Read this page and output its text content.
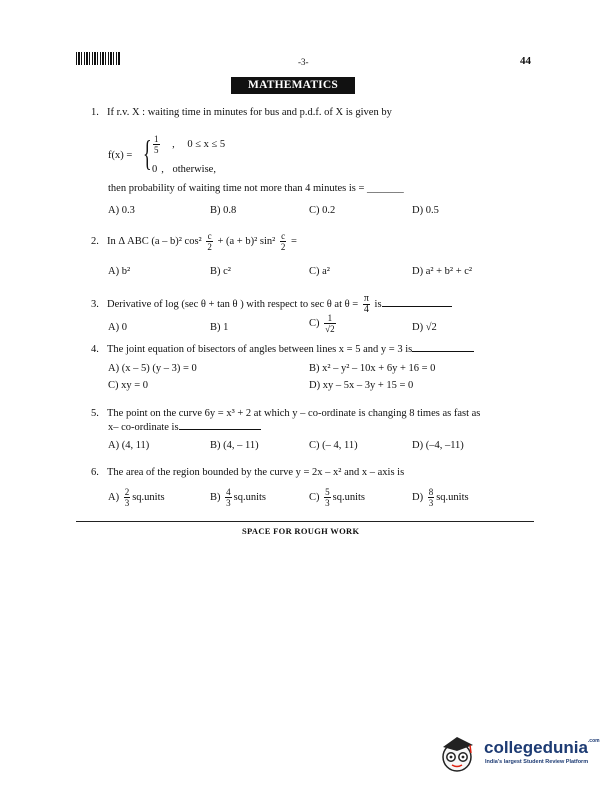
-3-	44
MATHEMATICS
1. If r.v. X : waiting time in minutes for bus and p.d.f. of X is given by
f(x) = { $\frac{1}{5}$ , 0 ≤ x ≤ 5
0 , otherwise,
then probability of waiting time not more than 4 minutes is = _______
A) 0.3	B) 0.8	C) 0.2	D) 0.5
2. In Δ ABC (a – b)² $\cos^2 \frac{c}{2} + (a + b)^2$ $\sin^2 \frac{c}{2}$ =
A) b²	B) c²	C) a²	D) a² + b² + c²
3. Derivative of log (sec θ + tan θ ) with respect to sec θ at $\theta = \frac{\pi}{4}$ is
A) 0	B) 1	$C) \frac{1}{√2}$	D) √2
4. The joint equation of bisectors of angles between lines x = 5 and y = 3 is
A) (x – 5) (y – 3) = 0	B) x² – y² – 10x + 6y + 16 = 0
C) xy = 0	D) xy – 5x – 3y + 15 = 0
5. The point on the curve 6y = x³ + 2 at which y – co-ordinate is changing 8 times as fast as
x– co-ordinate is
A) (4, 11)	B) (4, – 11)	C) (– 4, 11)	D) (–4, –11)
6. The area of the region bounded by the curve y = 2x – x² and x – axis is
$A) \frac{2}{3}$ sq.units	$B) \frac{4}{3}$ sq.units	$C) \frac{5}{3}$ sq.units	$D) \frac{8}{3}$ sq.units
SPACE FOR ROUGH WORK
collegedunia$^{.com}$
India's largest Student Review Platform
